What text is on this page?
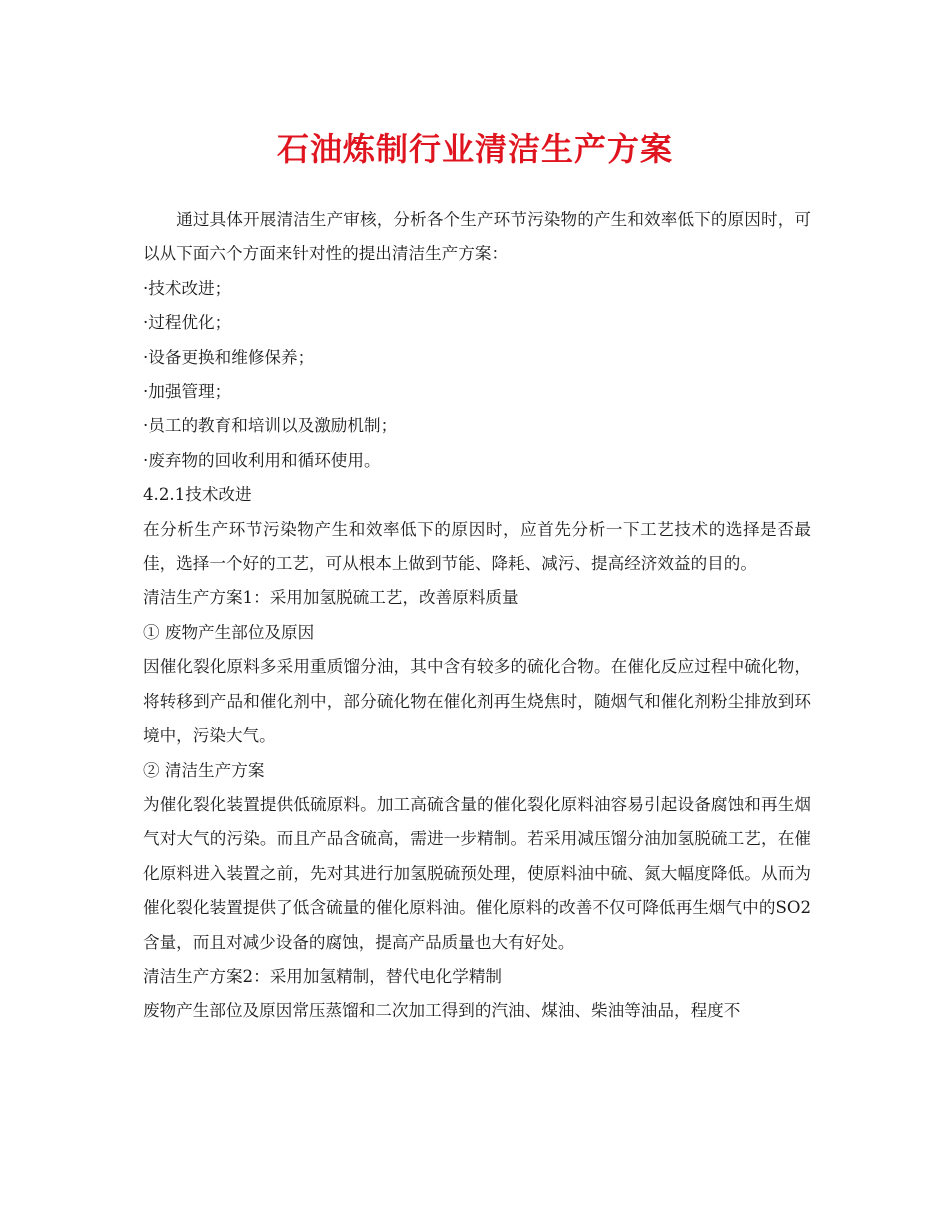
石油炼制行业清洁生产方案

通过具体开展清洁生产审核，分析各个生产环节污染物的产生和效率低下的原因时，可以从下面六个方面来针对性的提出清洁生产方案：

·技术改进；

·过程优化；

·设备更换和维修保养；

·加强管理；

·员工的教育和培训以及激励机制；

·废弃物的回收利用和循环使用。

4.2.1技术改进

在分析生产环节污染物产生和效率低下的原因时，应首先分析一下工艺技术的选择是否最佳，选择一个好的工艺，可从根本上做到节能、降耗、减污、提高经济效益的目的。

清洁生产方案1：采用加氢脱硫工艺，改善原料质量

① 废物产生部位及原因

因催化裂化原料多采用重质馏分油，其中含有较多的硫化合物。在催化反应过程中硫化物，将转移到产品和催化剂中，部分硫化物在催化剂再生烧焦时，随烟气和催化剂粉尘排放到环境中，污染大气。

② 清洁生产方案

为催化裂化装置提供低硫原料。加工高硫含量的催化裂化原料油容易引起设备腐蚀和再生烟气对大气的污染。而且产品含硫高，需进一步精制。若采用减压馏分油加氢脱硫工艺，在催化原料进入装置之前，先对其进行加氢脱硫预处理，使原料油中硫、氮大幅度降低。从而为催化裂化装置提供了低含硫量的催化原料油。催化原料的改善不仅可降低再生烟气中的SO2含量，而且对减少设备的腐蚀，提高产品质量也大有好处。

清洁生产方案2：采用加氢精制，替代电化学精制

废物产生部位及原因常压蒸馏和二次加工得到的汽油、煤油、柴油等油品，程度不
